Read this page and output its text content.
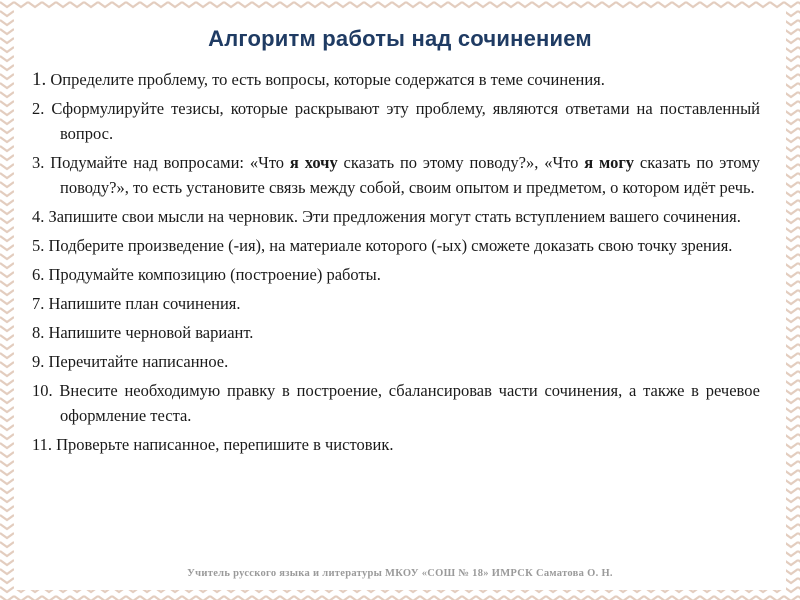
Алгоритм работы над сочинением
1. Определите проблему, то есть вопросы, которые содержатся в теме сочинения.
2. Сформулируйте тезисы, которые раскрывают эту проблему, являются ответами на поставленный вопрос.
3. Подумайте над вопросами: «Что я хочу сказать по этому поводу?», «Что я могу сказать по этому поводу?», то есть установите связь между собой, своим опытом и предметом, о котором идёт речь.
4. Запишите свои мысли на черновик. Эти предложения могут стать вступлением вашего сочинения.
5. Подберите произведение (-ия), на материале которого (-ых) сможете доказать свою точку зрения.
6. Продумайте композицию (построение) работы.
7. Напишите план сочинения.
8. Напишите черновой вариант.
9. Перечитайте написанное.
10. Внесите необходимую правку в построение, сбалансировав части сочинения, а также в речевое оформление теста.
11. Проверьте написанное, перепишите в чистовик.
Учитель русского языка и литературы МКОУ «СОШ № 18» ИМРСК Саматова О. Н.
